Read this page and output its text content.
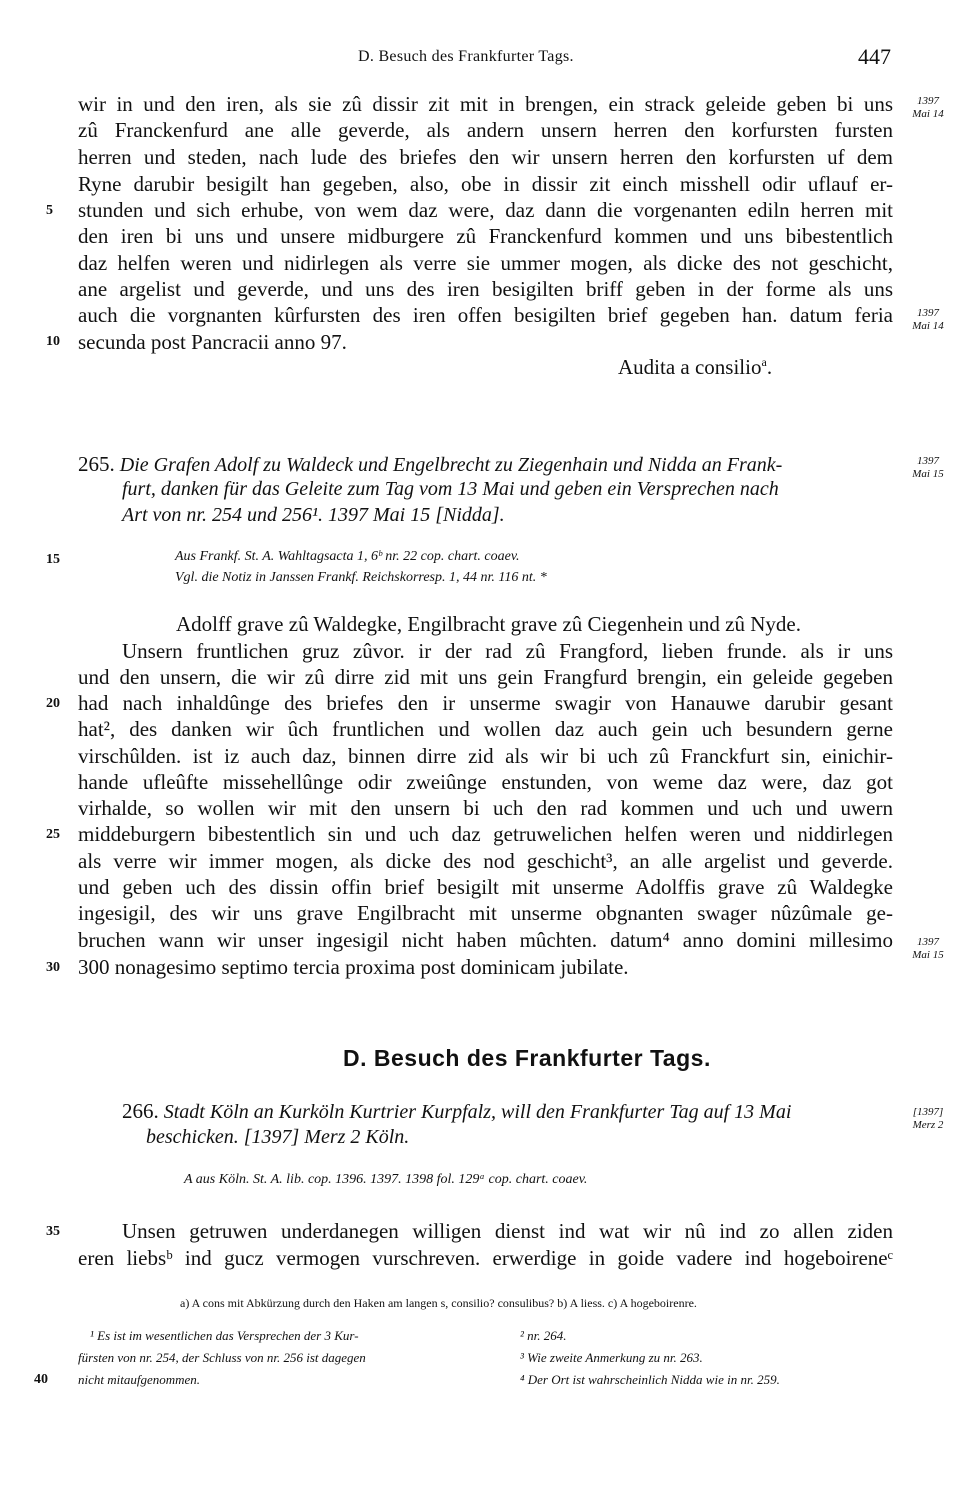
D. Besuch des Frankfurter Tags.	447
wir in und den iren, als sie zû dissir zit mit in brengen, ein strack geleide geben bi uns
zû Franckenfurd ane alle geverde, als andern unsern herren den korfursten fursten
herren und steden, nach lude des briefes den wir unsern herren den korfursten uf dem
Ryne darubir besigilt han gegeben, also, obe in dissir zit einch misshell odir uflauf er-
stunden und sich erhube, von wem daz were, daz dann die vorgenanten ediln herren mit
den iren bi uns und unsere midburgere zû Franckenfurd kommen und uns bibestentlich
daz helfen weren und nidirlegen als verre sie ummer mogen, als dicke des not geschicht,
ane argelist und geverde, und uns des iren besigilten briff geben in der forme als uns
auch die vorgnanten kûrfursten des iren offen besigilten brief gegeben han. datum feria
secunda post Pancracii anno 97.
Audita a consilio$^a$.
5
10
1397
Mai 14
1397
Mai 14
265. Die Grafen Adolf zu Waldeck und Engelbrecht zu Ziegenhain und Nidda an Frank-
furt, danken für das Geleite zum Tag vom 13 Mai und geben ein Versprechen nach
Art von nr. 254 und 256¹. 1397 Mai 15 [Nidda].
1397
Mai 15
Aus Frankf. St. A. Wahltagsacta 1, 6ᵇ nr. 22 cop. chart. coaev.
Vgl. die Notiz in Janssen Frankf. Reichskorresp. 1, 44 nr. 116 nt. *
15
Adolff grave zû Waldegke, Engilbracht grave zû Ciegenhein und zû Nyde.
Unsern fruntlichen gruz zûvor. ir der rad zû Frangford, lieben frunde. als ir uns
und den unsern, die wir zû dirre zid mit uns gein Frangfurd brengin, ein geleide gegeben
had nach inhaldûnge des briefes den ir unserme swagir von Hanauwe darubir gesant
hat², des danken wir ûch fruntlichen und wollen daz auch gein uch besundern gerne
virschûlden. ist iz auch daz, binnen dirre zid als wir bi uch zû Franckfurt sin, einichir-
hande ufleûfte missehellûnge odir zweiûnge enstunden, von weme daz were, daz got
virhalde, so wollen wir mit den unsern bi uch den rad kommen und uch und uwern
middeburgern bibestentlich sin und uch daz getruwelichen helfen weren und niddirlegen
als verre wir immer mogen, als dicke des nod geschicht³, an alle argelist und geverde.
und geben uch des dissin offin brief besigilt mit unserme Adolffis grave zû Waldegke
ingesigil, des wir uns grave Engilbracht mit unserme obgnanten swager nûzûmale ge-
bruchen wann wir unser ingesigil nicht haben mûchten. datum⁴ anno domini millesimo
300 nonagesimo septimo tercia proxima post dominicam jubilate.
20
25
30
1397
Mai 15
D. Besuch des Frankfurter Tags.
266. Stadt Köln an Kurköln Kurtrier Kurpfalz, will den Frankfurter Tag auf 13 Mai
beschicken. [1397] Merz 2 Köln.
[1397]
Merz 2
A aus Köln. St. A. lib. cop. 1396. 1397. 1398 fol. 129ᵃ cop. chart. coaev.
Unsen getruwen underdanegen willigen dienst ind wat wir nû ind zo allen ziden
eren liebsᵇ ind gucz vermogen vurschreven. erwerdige in goide vadere ind hogeboireneᶜ
35
a) A cons mit Abkürzung durch den Haken am langen s, consilio? consulibus? b) A liess. c) A hogeboirenre.
¹ Es ist im wesentlichen das Versprechen der 3 Kur-
fürsten von nr. 254, der Schluss von nr. 256 ist dagegen
nicht mitaufgenommen.
40
² nr. 264.
³ Wie zweite Anmerkung zu nr. 263.
⁴ Der Ort ist wahrscheinlich Nidda wie in nr. 259.
